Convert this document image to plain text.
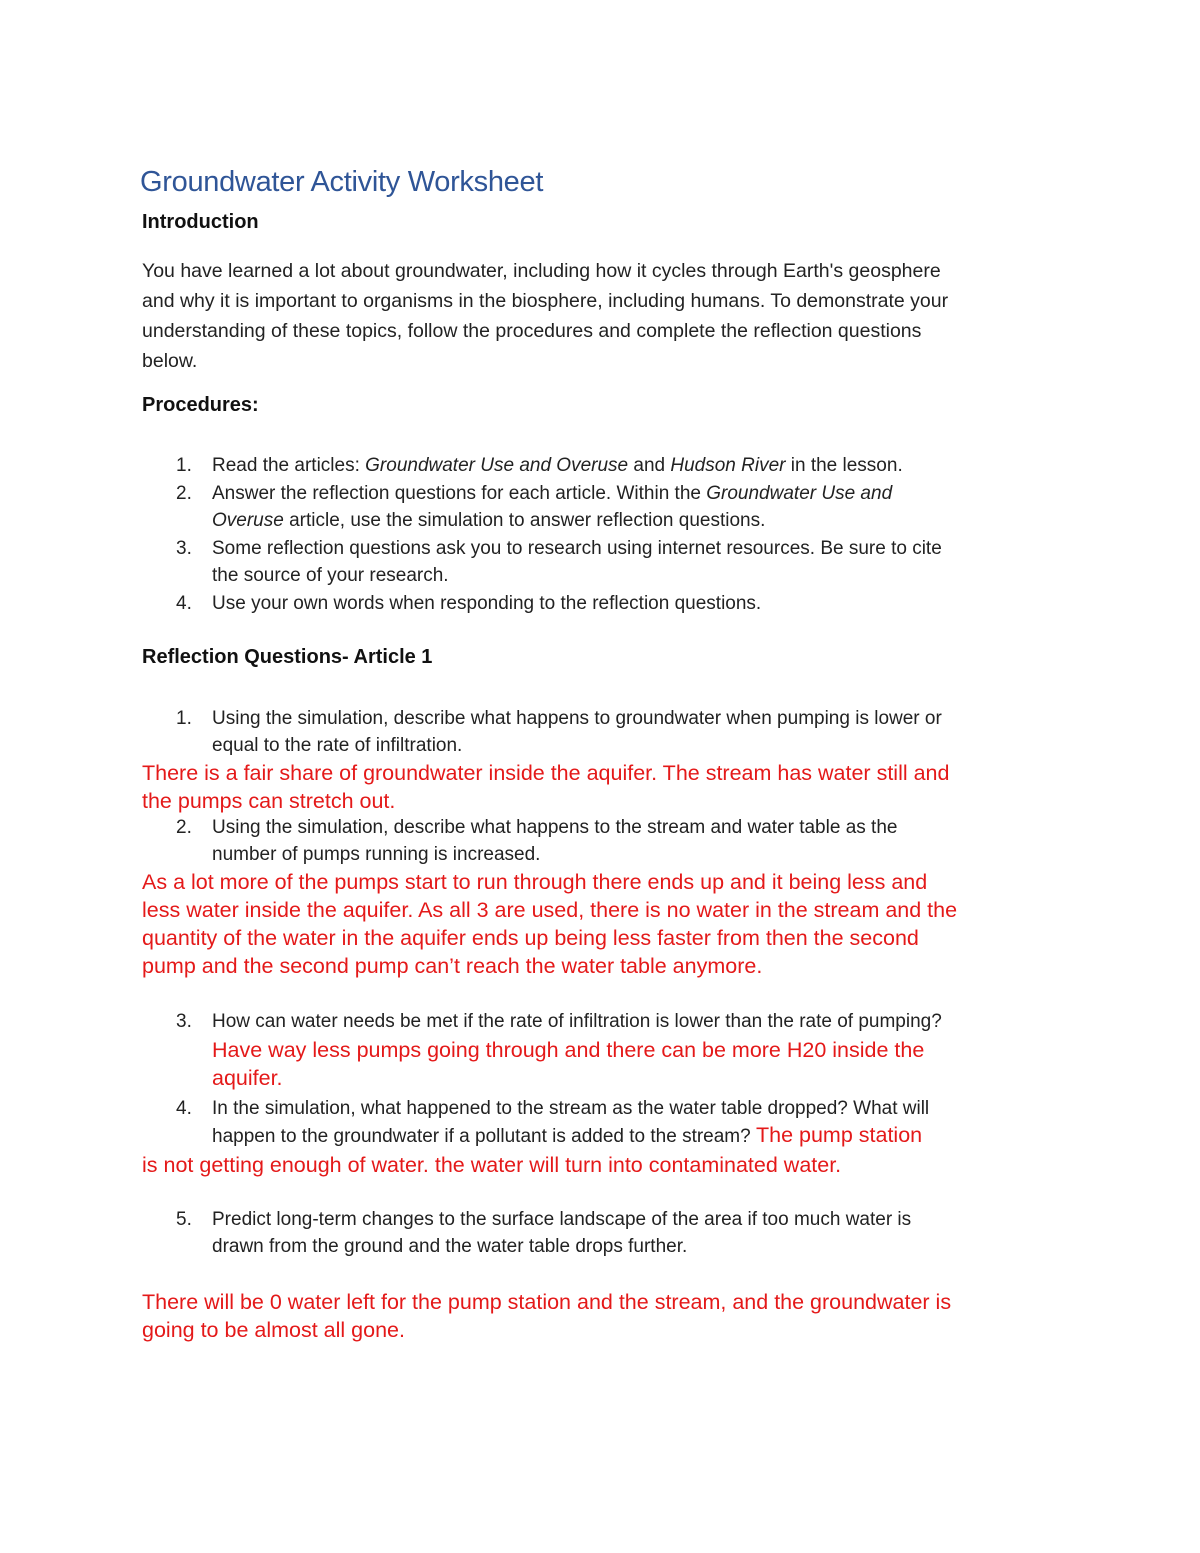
Groundwater Activity Worksheet
Introduction
You have learned a lot about groundwater, including how it cycles through Earth's geosphere
and why it is important to organisms in the biosphere, including humans. To demonstrate your
understanding of these topics, follow the procedures and complete the reflection questions
below.
Procedures:
1.	Read the articles: Groundwater Use and Overuse and Hudson River in the lesson.
2.	Answer the reflection questions for each article. Within the Groundwater Use and
Overuse article, use the simulation to answer reflection questions.
3.	Some reflection questions ask you to research using internet resources. Be sure to cite
the source of your research.
4.	Use your own words when responding to the reflection questions.
Reflection Questions- Article 1
1.	Using the simulation, describe what happens to groundwater when pumping is lower or
equal to the rate of infiltration.
There is a fair share of groundwater inside the aquifer. The stream has water still and
the pumps can stretch out.
2.	Using the simulation, describe what happens to the stream and water table as the
number of pumps running is increased.
As a lot more of the pumps start to run through there ends up and it being less and
less water inside the aquifer. As all 3 are used, there is no water in the stream and the
quantity of the water in the aquifer ends up being less faster from then the second
pump and the second pump can’t reach the water table anymore.
3.	How can water needs be met if the rate of infiltration is lower than the rate of pumping?
Have way less pumps going through and there can be more H20 inside the
aquifer.
4.	In the simulation, what happened to the stream as the water table dropped? What will
happen to the groundwater if a pollutant is added to the stream? The pump station
is not getting enough of water. the water will turn into contaminated water.
5.	Predict long-term changes to the surface landscape of the area if too much water is
drawn from the ground and the water table drops further.
There will be 0 water left for the pump station and the stream, and the groundwater is
going to be almost all gone.
